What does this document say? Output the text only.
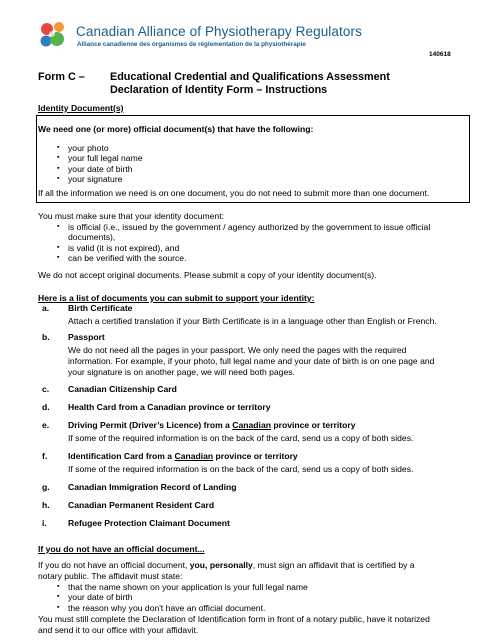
Canadian Alliance of Physiotherapy Regulators
Alliance canadienne des organismes de réglementation de la physiothérapie
140618
Form C – Educational Credential and Qualifications Assessment
Declaration of Identity Form – Instructions
Identity Document(s)
We need one (or more) official document(s) that have the following:
▪ your photo
▪ your full legal name
▪ your date of birth
▪ your signature
If all the information we need is on one document, you do not need to submit more than one document.
You must make sure that your identity document:
▪ is official (i.e., issued by the government / agency authorized by the government to issue official
documents),
▪ is valid (it is not expired), and
▪ can be verified with the source.
We do not accept original documents. Please submit a copy of your identity document(s).
Here is a list of documents you can submit to support your identity:
a. Birth Certificate
Attach a certified translation if your Birth Certificate is in a language other than English or French.
b. Passport
We do not need all the pages in your passport. We only need the pages with the required
information. For example, if your photo, full legal name and your date of birth is on one page and
your signature is on another page, we will need both pages.
c. Canadian Citizenship Card
d. Health Card from a Canadian province or territory
e. Driving Permit (Driver’s Licence) from a Canadian province or territory
If some of the required information is on the back of the card, send us a copy of both sides.
f. Identification Card from a Canadian province or territory
If some of the required information is on the back of the card, send us a copy of both sides.
g. Canadian Immigration Record of Landing
h. Canadian Permanent Resident Card
i. Refugee Protection Claimant Document
If you do not have an official document...
If you do not have an official document, you, personally, must sign an affidavit that is certified by a
notary public. The affidavit must state:
▪ that the name shown on your application is your full legal name
▪ your date of birth
▪ the reason why you don't have an official document.
You must still complete the Declaration of Identification form in front of a notary public, have it notarized
and send it to our office with your affidavit.
